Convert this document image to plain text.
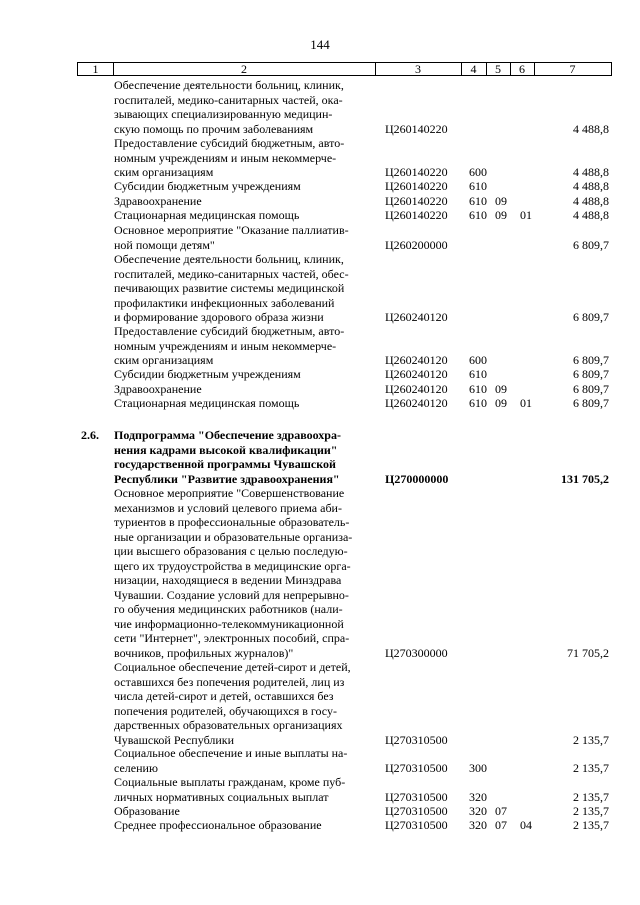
144
1	2	3	4	5	6	7
Обеспечение деятельности больниц, клиник,
госпиталей, медико-санитарных частей, ока-
зывающих специализированную медицин-
скую помощь по прочим заболеваниям	Ц260140220	4 488,8
Предоставление субсидий бюджетным, авто-
номным учреждениям и иным некоммерче-
ским организациям	Ц260140220 600	4 488,8
Субсидии бюджетным учреждениям	Ц260140220 610	4 488,8
Здравоохранение	Ц260140220 610 09	4 488,8
Стационарная медицинская помощь	Ц260140220 610 09 01	4 488,8
Основное мероприятие "Оказание паллиатив-
ной помощи детям"	Ц260200000	6 809,7
Обеспечение деятельности больниц, клиник,
госпиталей, медико-санитарных частей, обес-
печивающих развитие системы медицинской
профилактики инфекционных заболеваний
и формирование здорового образа жизни	Ц260240120	6 809,7
Предоставление субсидий бюджетным, авто-
номным учреждениям и иным некоммерче-
ским организациям	Ц260240120 600	6 809,7
Субсидии бюджетным учреждениям	Ц260240120 610	6 809,7
Здравоохранение	Ц260240120 610 09	6 809,7
Стационарная медицинская помощь	Ц260240120 610 09 01	6 809,7
2.6.	Подпрограмма "Обеспечение здравоохра-
нения кадрами высокой квалификации"
государственной программы Чувашской
Республики "Развитие здравоохранения"	Ц270000000	131 705,2
Основное мероприятие "Совершенствование
механизмов и условий целевого приема аби-
туриентов в профессиональные образователь-
ные организации и образовательные организа-
ции высшего образования с целью последую-
щего их трудоустройства в медицинские орга-
низации, находящиеся в ведении Минздрава
Чувашии. Создание условий для непрерывно-
го обучения медицинских работников (нали-
чие информационно-телекоммуникационной
сети "Интернет", электронных пособий, спра-
вочников, профильных журналов)"	Ц270300000	71 705,2
Социальное обеспечение детей-сирот и детей,
оставшихся без попечения родителей, лиц из
числа детей-сирот и детей, оставшихся без
попечения родителей, обучающихся в госу-
дарственных образовательных организациях
Чувашской Республики	Ц270310500	2 135,7
Социальное обеспечение и иные выплаты на-
селению	Ц270310500 300	2 135,7
Социальные выплаты гражданам, кроме пуб-
личных нормативных социальных выплат	Ц270310500 320	2 135,7
Образование	Ц270310500 320 07	2 135,7
Среднее профессиональное образование	Ц270310500 320 07 04	2 135,7
